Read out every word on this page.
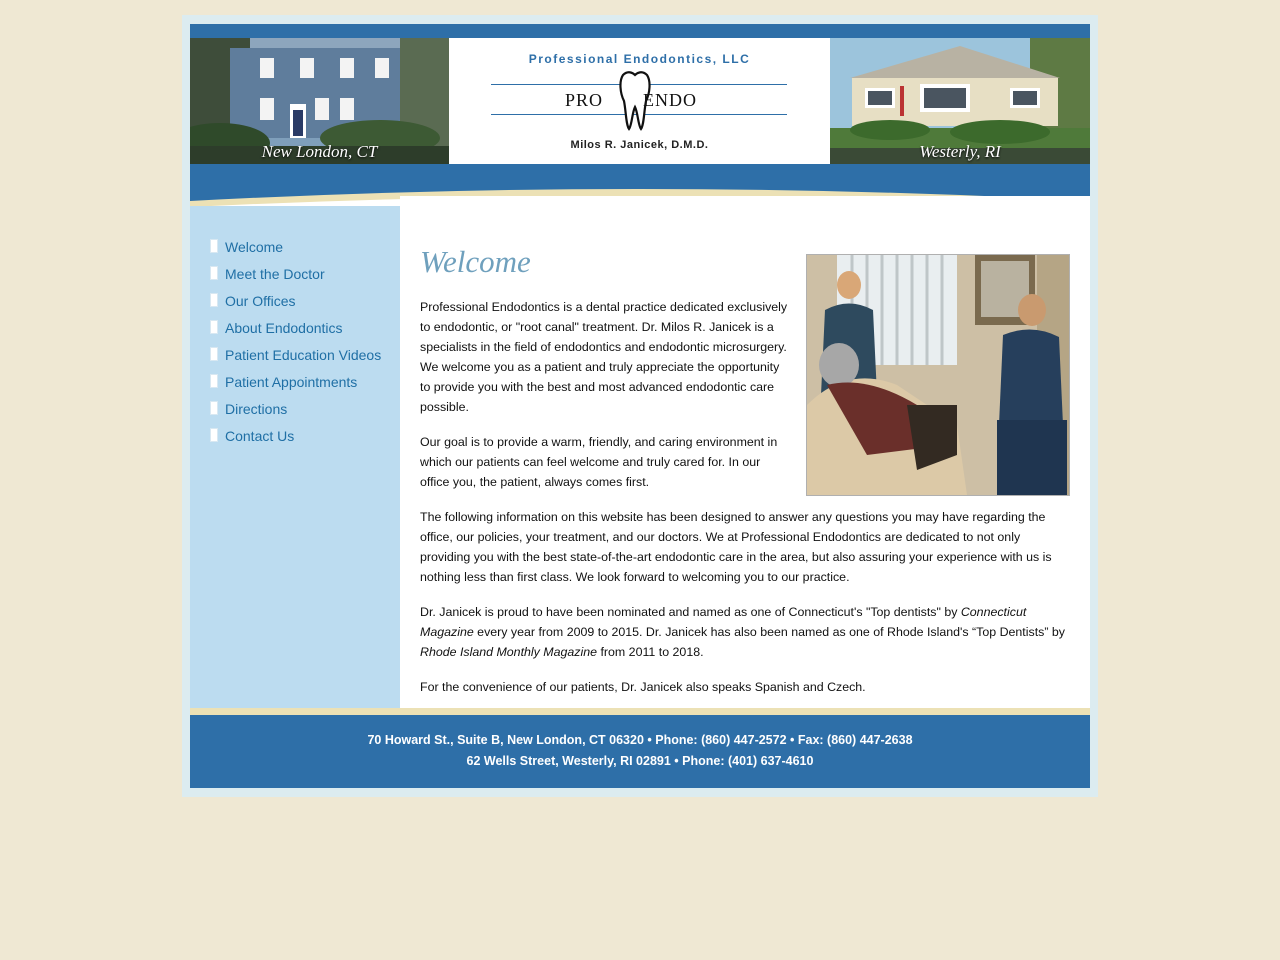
New London, CT
Professional Endodontics, LLC
PRO ENDO
Milos R. Janicek, D.M.D.	Westerly, RI
Welcome
Meet the Doctor
Our Offices
About Endodontics
Patient Education Videos
Patient Appointments
Directions
Contact Us
Welcome

Professional Endodontics is a dental practice dedicated exclusively to endodontic, or "root canal" treatment. Dr. Milos R. Janicek is a specialists in the field of endodontics and endodontic microsurgery. We welcome you as a patient and truly appreciate the opportunity to provide you with the best and most advanced endodontic care possible.

Our goal is to provide a warm, friendly, and caring environment in which our patients can feel welcome and truly cared for. In our office you, the patient, always comes first.

The following information on this website has been designed to answer any questions you may have regarding the office, our policies, your treatment, and our doctors. We at Professional Endodontics are dedicated to not only providing you with the best state-of-the-art endodontic care in the area, but also assuring your experience with us is nothing less than first class. We look forward to welcoming you to our practice.

Dr. Janicek is proud to have been nominated and named as one of Connecticut's "Top dentists" by Connecticut Magazine every year from 2009 to 2015. Dr. Janicek has also been named as one of Rhode Island's “Top Dentists” by Rhode Island Monthly Magazine from 2011 to 2018.

For the convenience of our patients, Dr. Janicek also speaks Spanish and Czech.

70 Howard St., Suite B, New London, CT 06320 • Phone: (860) 447-2572 • Fax: (860) 447-2638
62 Wells Street, Westerly, RI 02891 • Phone: (401) 637-4610
